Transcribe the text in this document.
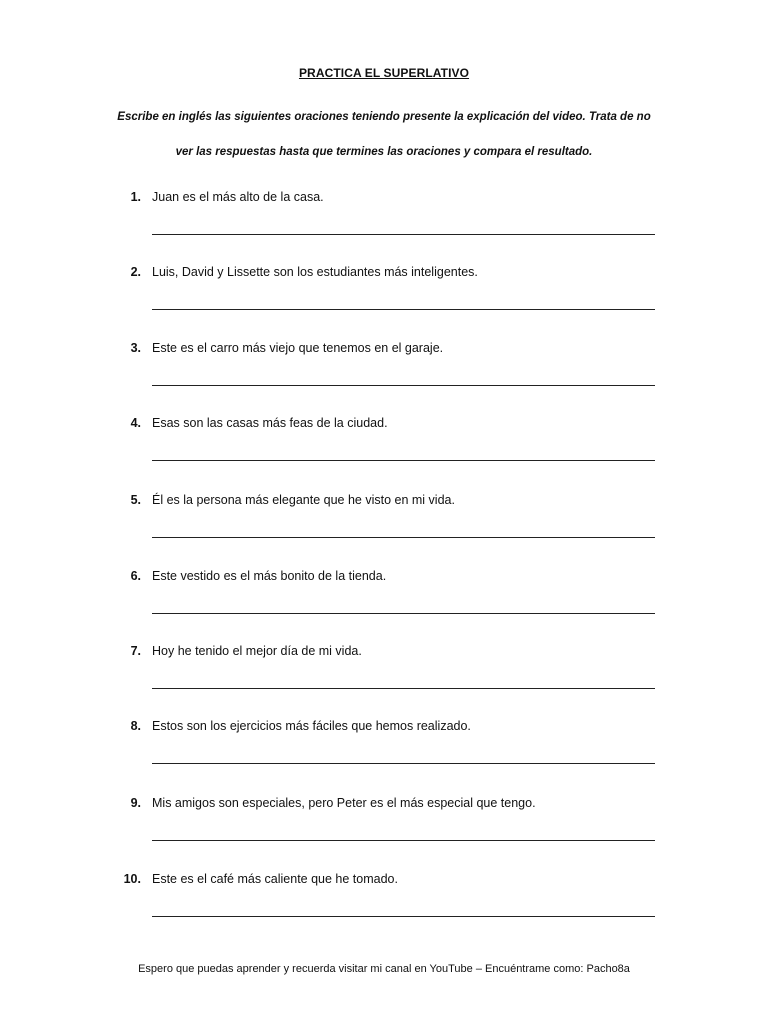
PRACTICA EL SUPERLATIVO
Escribe en inglés las siguientes oraciones teniendo presente la explicación del video. Trata de no
ver las respuestas hasta que termines las oraciones y compara el resultado.
1. Juan es el más alto de la casa.
2. Luis, David y Lissette son los estudiantes más inteligentes.
3. Este es el carro más viejo que tenemos en el garaje.
4. Esas son las casas más feas de la ciudad.
5. Él es la persona más elegante que he visto en mi vida.
6. Este vestido es el más bonito de la tienda.
7. Hoy he tenido el mejor día de mi vida.
8. Estos son los ejercicios más fáciles que hemos realizado.
9. Mis amigos son especiales, pero Peter es el más especial que tengo.
10. Este es el café más caliente que he tomado.
Espero que puedas aprender y recuerda visitar mi canal en YouTube – Encuéntrame como: Pacho8a
